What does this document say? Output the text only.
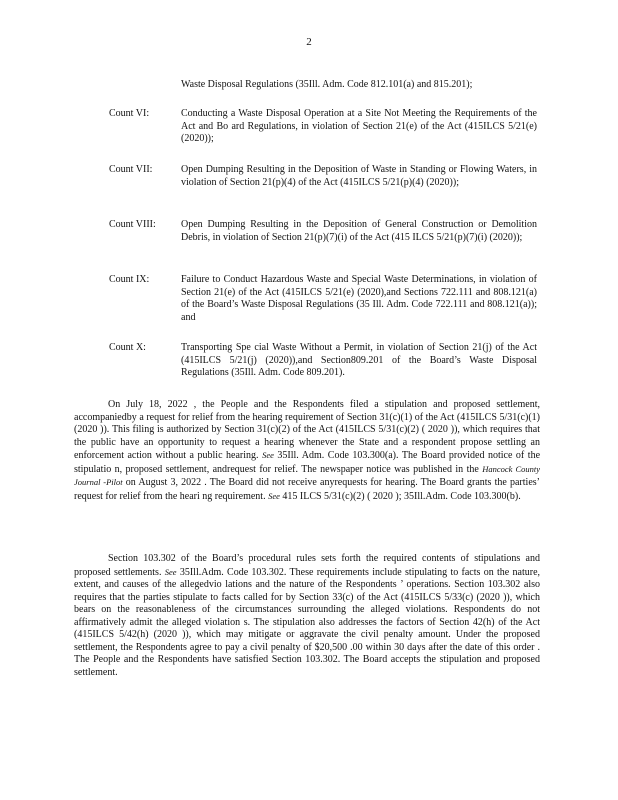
2
Waste Disposal Regulations (35Ill. Adm. Code 812.101(a) and 815.201);
Count VI:	Conducting a Waste Disposal Operation at a Site Not Meeting the Requirements of the Act and Bo ard Regulations, in violation of Section 21(e) of the Act (415ILCS 5/21(e) (2020));
Count VII:	Open Dumping Resulting in the Deposition of Waste in Standing or Flowing Waters, in violation of Section 21(p)(4) of the Act (415ILCS 5/21(p)(4) (2020));
Count VIII:	Open Dumping Resulting in the Deposition of General Construction or Demolition Debris, in violation of Section 21(p)(7)(i) of the Act (415 ILCS 5/21(p)(7)(i) (2020));
Count IX:	Failure to Conduct Hazardous Waste and Special Waste Determinations, in violation of Section 21(e) of the Act (415ILCS 5/21(e) (2020),and Sections 722.111 and 808.121(a) of the Board’s Waste Disposal Regulations (35 Ill. Adm. Code 722.111 and 808.121(a)); and
Count X:	Transporting Spe cial Waste Without a Permit, in violation of Section 21(j) of the Act (415ILCS 5/21(j) (2020)),and Section809.201 of the Board’s Waste Disposal Regulations (35Ill. Adm. Code 809.201).

On July 18, 2022 , the People and the Respondents filed a stipulation and proposed settlement, accompaniedby a request for relief from the hearing requirement of Section 31(c)(1) of the Act (415ILCS 5/31(c)(1) (2020 )). This filing is authorized by Section 31(c)(2) of the Act (415ILCS 5/31(c)(2) ( 2020 )), which requires that the public have an opportunity to request a hearing whenever the State and a respondent propose settling an enforcement action without a public hearing. See 35Ill. Adm. Code 103.300(a). The Board provided notice of the stipulatio n, proposed settlement, andrequest for relief. The newspaper notice was published in the Hancock County Journal -Pilot on August 3, 2022 . The Board did not receive anyrequests for hearing. The Board grants the parties’ request for relief from the heari ng requirement. See 415 ILCS 5/31(c)(2) ( 2020 ); 35Ill.Adm. Code 103.300(b).

Section 103.302 of the Board’s procedural rules sets forth the required contents of stipulations and proposed settlements. See 35Ill.Adm. Code 103.302. These requirements include stipulating to facts on the nature, extent, and causes of the allegedvio lations and the nature of the Respondents ’ operations. Section 103.302 also requires that the parties stipulate to facts called for by Section 33(c) of the Act (415ILCS 5/33(c) (2020 )), which bears on the reasonableness of the circumstances surrounding the alleged violations. Respondents do not affirmatively admit the alleged violation s. The stipulation also addresses the factors of Section 42(h) of the Act (415ILCS 5/42(h) (2020 )), which may mitigate or aggravate the civil penalty amount. Under the proposed settlement, the Respondents agree to pay a civil penalty of $20,500 .00 within 30 days after the date of this order . The People and the Respondents have satisfied Section 103.302. The Board accepts the stipulation and proposed settlement.
